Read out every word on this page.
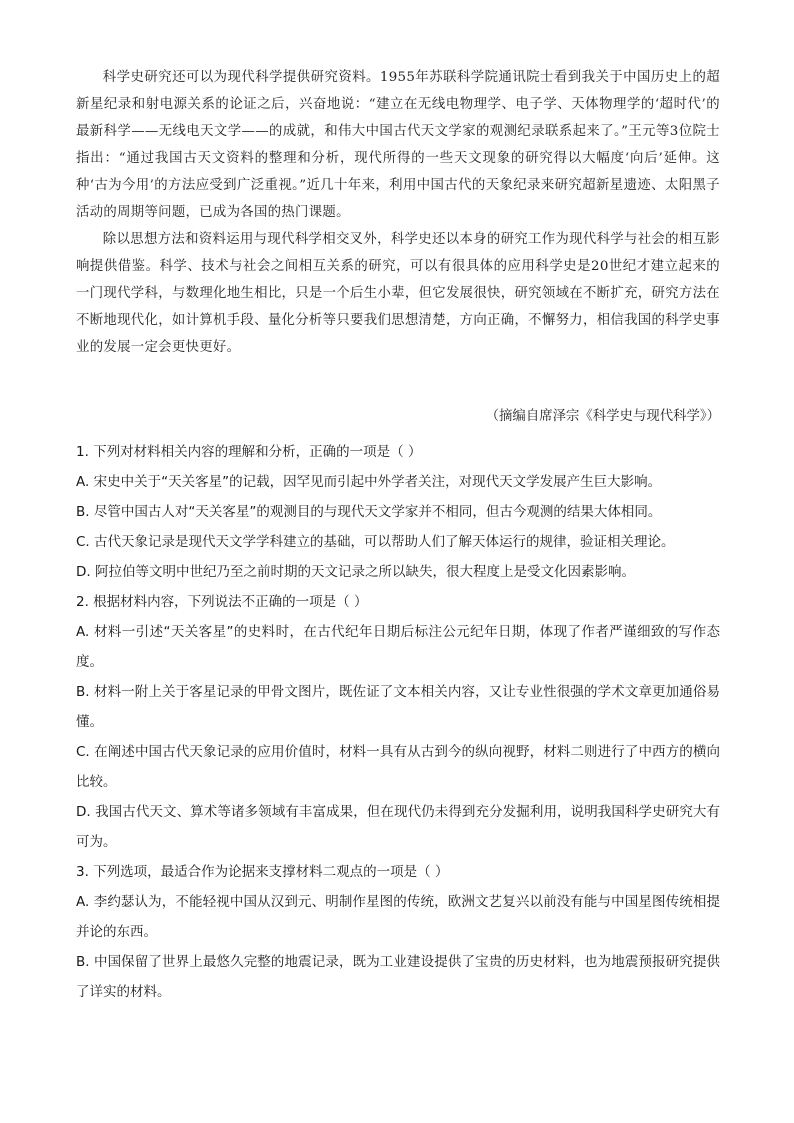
科学史研究还可以为现代科学提供研究资料。1955年苏联科学院通讯院士看到我关于中国历史上的超新星纪录和射电源关系的论证之后，兴奋地说：“建立在无线电物理学、电子学、天体物理学的‘超时代’的最新科学——无线电天文学——的成就，和伟大中国古代天文学家的观测纪录联系起来了。”王元等3位院士指出：“通过我国古天文资料的整理和分析，现代所得的一些天文现象的研究得以大幅度‘向后’延伸。这种‘古为今用’的方法应受到广泛重视。”近几十年来，利用中国古代的天象纪录来研究超新星遗迹、太阳黑子活动的周期等问题，已成为各国的热门课题。

除以思想方法和资料运用与现代科学相交叉外，科学史还以本身的研究工作为现代科学与社会的相互影响提供借鉴。科学、技术与社会之间相互关系的研究，可以有很具体的应用科学史是20世纪才建立起来的一门现代学科，与数理化地生相比，只是一个后生小辈，但它发展很快，研究领域在不断扩充，研究方法在不断地现代化，如计算机手段、量化分析等只要我们思想清楚，方向正确，不懈努力，相信我国的科学史事业的发展一定会更快更好。

（摘编自席泽宗《科学史与现代科学》）

1. 下列对材料相关内容的理解和分析，正确的一项是（ ）

A. 宋史中关于“天关客星”的记载，因罕见而引起中外学者关注，对现代天文学发展产生巨大影响。

B. 尽管中国古人对“天关客星”的观测目的与现代天文学家并不相同，但古今观测的结果大体相同。

C. 古代天象记录是现代天文学学科建立的基础，可以帮助人们了解天体运行的规律，验证相关理论。

D. 阿拉伯等文明中世纪乃至之前时期的天文记录之所以缺失，很大程度上是受文化因素影响。

2. 根据材料内容，下列说法不正确的一项是（ ）

A. 材料一引述“天关客星”的史料时，在古代纪年日期后标注公元纪年日期，体现了作者严谨细致的写作态度。

B. 材料一附上关于客星记录的甲骨文图片，既佐证了文本相关内容，又让专业性很强的学术文章更加通俗易懂。

C. 在阐述中国古代天象记录的应用价值时，材料一具有从古到今的纵向视野，材料二则进行了中西方的横向比较。

D. 我国古代天文、算术等诸多领域有丰富成果，但在现代仍未得到充分发掘利用，说明我国科学史研究大有可为。

3. 下列选项，最适合作为论据来支撑材料二观点的一项是（ ）

A. 李约瑟认为，不能轻视中国从汉到元、明制作星图的传统，欧洲文艺复兴以前没有能与中国星图传统相提并论的东西。

B. 中国保留了世界上最悠久完整的地震记录，既为工业建设提供了宝贵的历史材料，也为地震预报研究提供了详实的材料。
